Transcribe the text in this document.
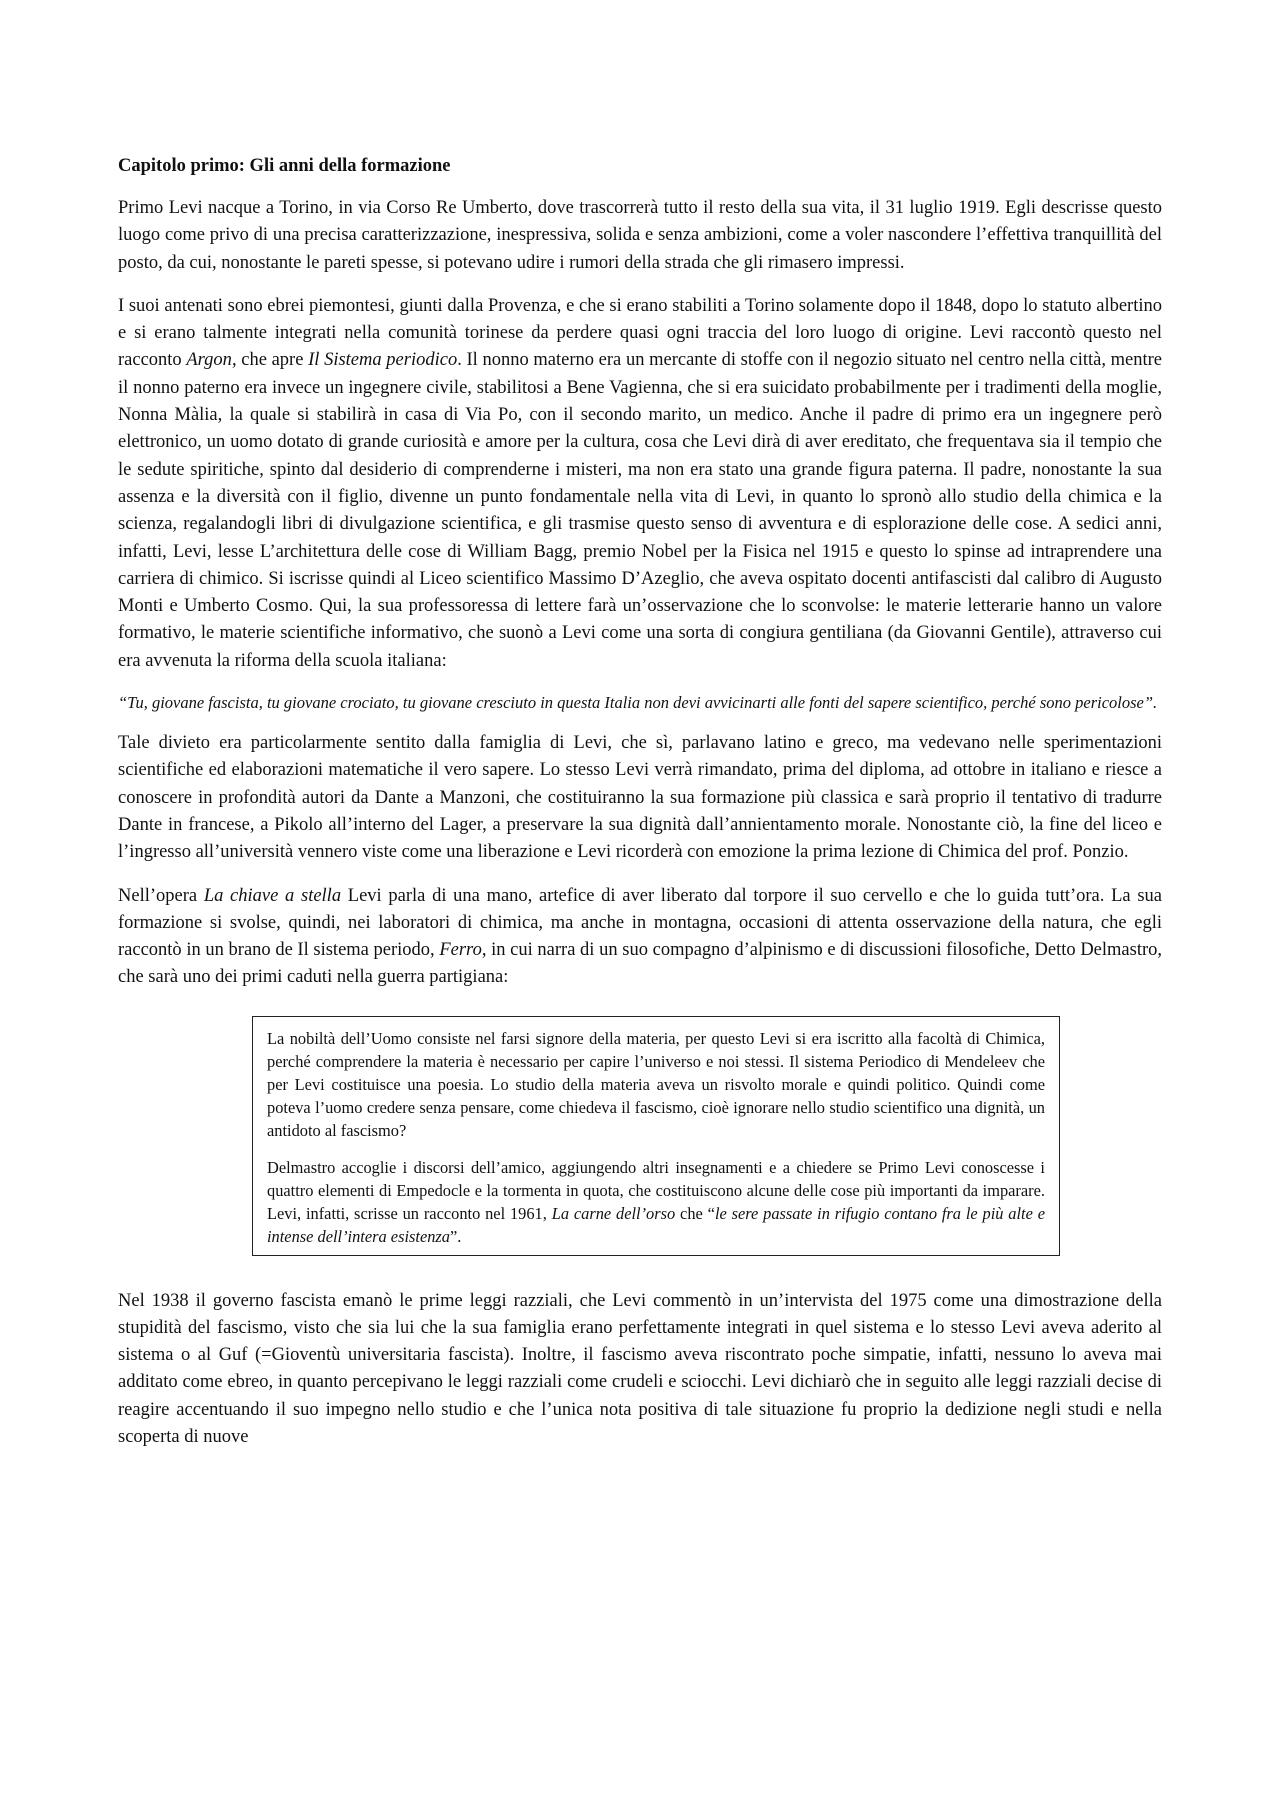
Capitolo primo: Gli anni della formazione

Primo Levi nacque a Torino, in via Corso Re Umberto, dove trascorrerà tutto il resto della sua vita, il 31 luglio 1919. Egli descrisse questo luogo come privo di una precisa caratterizzazione, inespressiva, solida e senza ambizioni, come a voler nascondere l’effettiva tranquillità del posto, da cui, nonostante le pareti spesse, si potevano udire i rumori della strada che gli rimasero impressi.

I suoi antenati sono ebrei piemontesi, giunti dalla Provenza, e che si erano stabiliti a Torino solamente dopo il 1848, dopo lo statuto albertino e si erano talmente integrati nella comunità torinese da perdere quasi ogni traccia del loro luogo di origine. Levi raccontò questo nel racconto Argon, che apre Il Sistema periodico. Il nonno materno era un mercante di stoffe con il negozio situato nel centro nella città, mentre il nonno paterno era invece un ingegnere civile, stabilitosi a Bene Vagienna, che si era suicidato probabilmente per i tradimenti della moglie, Nonna Màlia, la quale si stabilirà in casa di Via Po, con il secondo marito, un medico. Anche il padre di primo era un ingegnere però elettronico, un uomo dotato di grande curiosità e amore per la cultura, cosa che Levi dirà di aver ereditato, che frequentava sia il tempio che le sedute spiritiche, spinto dal desiderio di comprenderne i misteri, ma non era stato una grande figura paterna. Il padre, nonostante la sua assenza e la diversità con il figlio, divenne un punto fondamentale nella vita di Levi, in quanto lo spronò allo studio della chimica e la scienza, regalandogli libri di divulgazione scientifica, e gli trasmise questo senso di avventura e di esplorazione delle cose. A sedici anni, infatti, Levi, lesse L’architettura delle cose di William Bagg, premio Nobel per la Fisica nel 1915 e questo lo spinse ad intraprendere una carriera di chimico. Si iscrisse quindi al Liceo scientifico Massimo D’Azeglio, che aveva ospitato docenti antifascisti dal calibro di Augusto Monti e Umberto Cosmo. Qui, la sua professoressa di lettere farà un’osservazione che lo sconvolse: le materie letterarie hanno un valore formativo, le materie scientifiche informativo, che suonò a Levi come una sorta di congiura gentiliana (da Giovanni Gentile), attraverso cui era avvenuta la riforma della scuola italiana:

“Tu, giovane fascista, tu giovane crociato, tu giovane cresciuto in questa Italia non devi avvicinarti alle fonti del sapere scientifico, perché sono pericolose”.

Tale divieto era particolarmente sentito dalla famiglia di Levi, che sì, parlavano latino e greco, ma vedevano nelle sperimentazioni scientifiche ed elaborazioni matematiche il vero sapere. Lo stesso Levi verrà rimandato, prima del diploma, ad ottobre in italiano e riesce a conoscere in profondità autori da Dante a Manzoni, che costituiranno la sua formazione più classica e sarà proprio il tentativo di tradurre Dante in francese, a Pikolo all’interno del Lager, a preservare la sua dignità dall’annientamento morale. Nonostante ciò, la fine del liceo e l’ingresso all’università vennero viste come una liberazione e Levi ricorderà con emozione la prima lezione di Chimica del prof. Ponzio.

Nell’opera La chiave a stella Levi parla di una mano, artefice di aver liberato dal torpore il suo cervello e che lo guida tutt’ora. La sua formazione si svolse, quindi, nei laboratori di chimica, ma anche in montagna, occasioni di attenta osservazione della natura, che egli raccontò in un brano de Il sistema periodo, Ferro, in cui narra di un suo compagno d’alpinismo e di discussioni filosofiche, Detto Delmastro, che sarà uno dei primi caduti nella guerra partigiana:

La nobiltà dell’Uomo consiste nel farsi signore della materia, per questo Levi si era iscritto alla facoltà di Chimica, perché comprendere la materia è necessario per capire l’universo e noi stessi. Il sistema Periodico di Mendeleev che per Levi costituisce una poesia. Lo studio della materia aveva un risvolto morale e quindi politico. Quindi come poteva l’uomo credere senza pensare, come chiedeva il fascismo, cioè ignorare nello studio scientifico una dignità, un antidoto al fascismo?

Delmastro accoglie i discorsi dell’amico, aggiungendo altri insegnamenti e a chiedere se Primo Levi conoscesse i quattro elementi di Empedocle e la tormenta in quota, che costituiscono alcune delle cose più importanti da imparare. Levi, infatti, scrisse un racconto nel 1961, La carne dell’orso che “le sere passate in rifugio contano fra le più alte e intense dell’intera esistenza”.

Nel 1938 il governo fascista emanò le prime leggi razziali, che Levi commentò in un’intervista del 1975 come una dimostrazione della stupidità del fascismo, visto che sia lui che la sua famiglia erano perfettamente integrati in quel sistema e lo stesso Levi aveva aderito al sistema o al Guf (=Gioventù universitaria fascista). Inoltre, il fascismo aveva riscontrato poche simpatie, infatti, nessuno lo aveva mai additato come ebreo, in quanto percepivano le leggi razziali come crudeli e sciocchi. Levi dichiarò che in seguito alle leggi razziali decise di reagire accentuando il suo impegno nello studio e che l’unica nota positiva di tale situazione fu proprio la dedizione negli studi e nella scoperta di nuove
